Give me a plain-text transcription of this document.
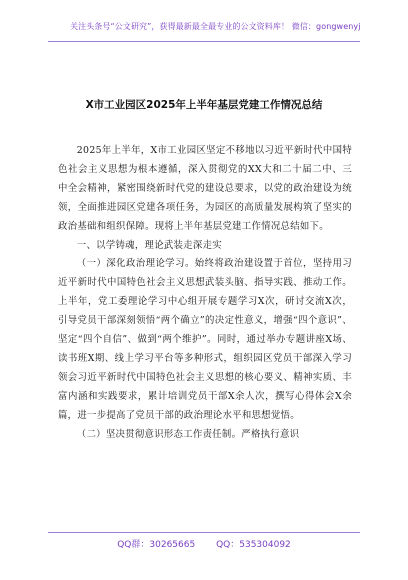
关注头条号“公文研究”，获得最新最全最专业的公文资料库！ 微信：gongwenyj
X市工业园区2025年上半年基层党建工作情况总结

2025年上半年，X市工业园区坚定不移地以习近平新时代中国特色社会主义思想为根本遵循，深入贯彻党的XX大和二十届二中、三中全会精神，紧密围绕新时代党的建设总要求，以党的政治建设为统领，全面推进园区党建各项任务，为园区的高质量发展构筑了坚实的政治基础和组织保障。现将上半年基层党建工作情况总结如下。

一、以学铸魂，理论武装走深走实

（一）深化政治理论学习。始终将政治建设置于首位，坚持用习近平新时代中国特色社会主义思想武装头脑、指导实践、推动工作。上半年，党工委理论学习中心组开展专题学习X次，研讨交流X次，引导党员干部深刻领悟“两个确立”的决定性意义，增强“四个意识”、坚定“四个自信”、做到“两个维护”。同时，通过举办专题讲座X场、读书班X期、线上学习平台等多种形式，组织园区党员干部深入学习领会习近平新时代中国特色社会主义思想的核心要义、精神实质、丰富内涵和实践要求，累计培训党员干部X余人次，撰写心得体会X余篇，进一步提高了党员干部的政治理论水平和思想觉悟。

（二）坚决贯彻意识形态工作责任制。严格执行意识

QQ群：30265665 QQ：535304092
